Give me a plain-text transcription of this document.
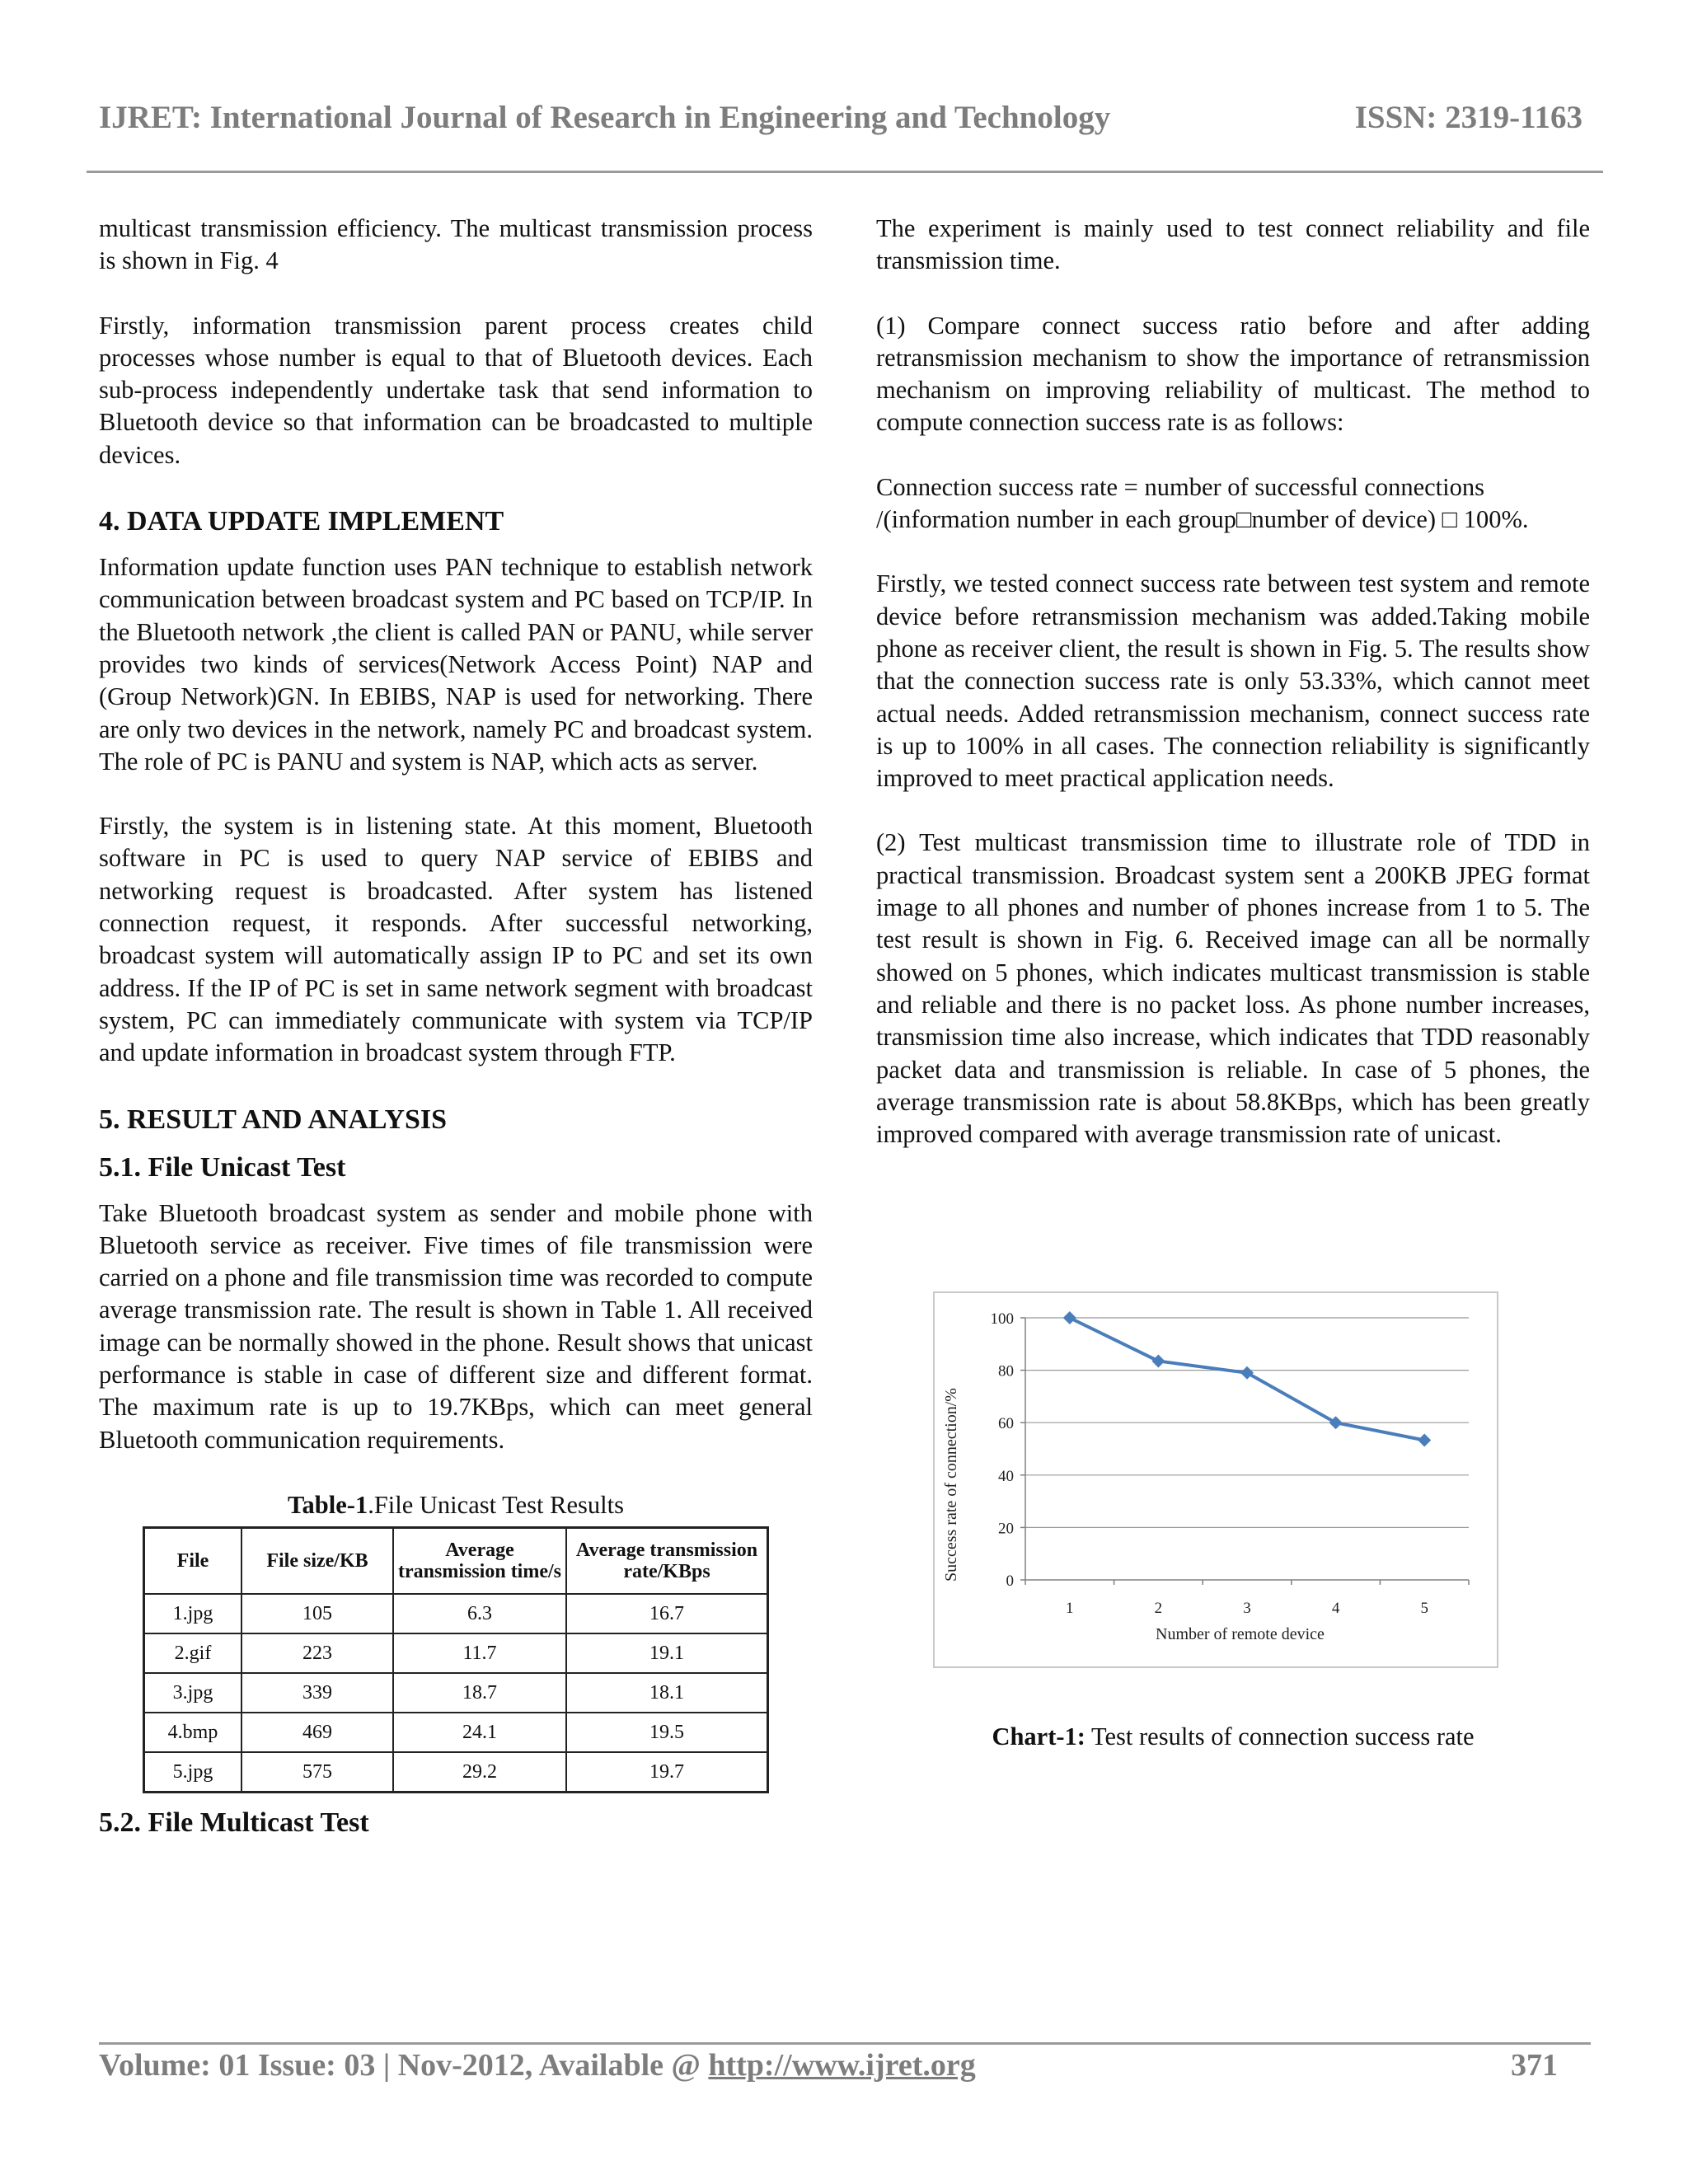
IJRET: International Journal of Research in Engineering and Technology	ISSN: 2319-1163

multicast transmission efficiency. The multicast transmission process is shown in Fig. 4

Firstly, information transmission parent process creates child processes whose number is equal to that of Bluetooth devices. Each sub-process independently undertake task that send information to Bluetooth device so that information can be broadcasted to multiple devices.

4. DATA UPDATE IMPLEMENT

Information update function uses PAN technique to establish network communication between broadcast system and PC based on TCP/IP. In the Bluetooth network ,the client is called PAN or PANU, while server provides two kinds of services(Network Access Point) NAP and (Group Network)GN. In EBIBS, NAP is used for networking. There are only two devices in the network, namely PC and broadcast system. The role of PC is PANU and system is NAP, which acts as server.

Firstly, the system is in listening state. At this moment, Bluetooth software in PC is used to query NAP service of EBIBS and networking request is broadcasted. After system has listened connection request, it responds. After successful networking, broadcast system will automatically assign IP to PC and set its own address. If the IP of PC is set in same network segment with broadcast system, PC can immediately communicate with system via TCP/IP and update information in broadcast system through FTP.

5. RESULT AND ANALYSIS
5.1. File Unicast Test

Take Bluetooth broadcast system as sender and mobile phone with Bluetooth service as receiver. Five times of file transmission were carried on a phone and file transmission time was recorded to compute average transmission rate. The result is shown in Table 1. All received image can be normally showed in the phone. Result shows that unicast performance is stable in case of different size and different format. The maximum rate is up to 19.7KBps, which can meet general Bluetooth communication requirements.

Table-1.File Unicast Test Results
File	File size/KB	Average transmission time/s	Average transmission rate/KBps
1.jpg	105	6.3	16.7
2.gif	223	11.7	19.1
3.jpg	339	18.7	18.1
4.bmp	469	24.1	19.5
5.jpg	575	29.2	19.7
5.2. File Multicast Test

The experiment is mainly used to test connect reliability and file transmission time.

(1) Compare connect success ratio before and after adding retransmission mechanism to show the importance of retransmission mechanism on improving reliability of multicast. The method to compute connection success rate is as follows:

Connection success rate = number of successful connections /(information number in each group□number of device) □ 100%.

Firstly, we tested connect success rate between test system and remote device before retransmission mechanism was added.Taking mobile phone as receiver client, the result is shown in Fig. 5. The results show that the connection success rate is only 53.33%, which cannot meet actual needs. Added retransmission mechanism, connect success rate is up to 100% in all cases. The connection reliability is significantly improved to meet practical application needs.

(2) Test multicast transmission time to illustrate role of TDD in practical transmission. Broadcast system sent a 200KB JPEG format image to all phones and number of phones increase from 1 to 5. The test result is shown in Fig. 6. Received image can all be normally showed on 5 phones, which indicates multicast transmission is stable and reliable and there is no packet loss. As phone number increases, transmission time also increase, which indicates that TDD reasonably packet data and transmission is reliable. In case of 5 phones, the average transmission rate is about 58.8KBps, which has been greatly improved compared with average transmission rate of unicast.

0
20
40
60
80
100
1	2	3	4	5
Number of remote device
Success rate of connection/%
Chart-1: Test results of connection success rate
Volume: 01 Issue: 03 | Nov-2012, Available @ http://www.ijret.org	371
